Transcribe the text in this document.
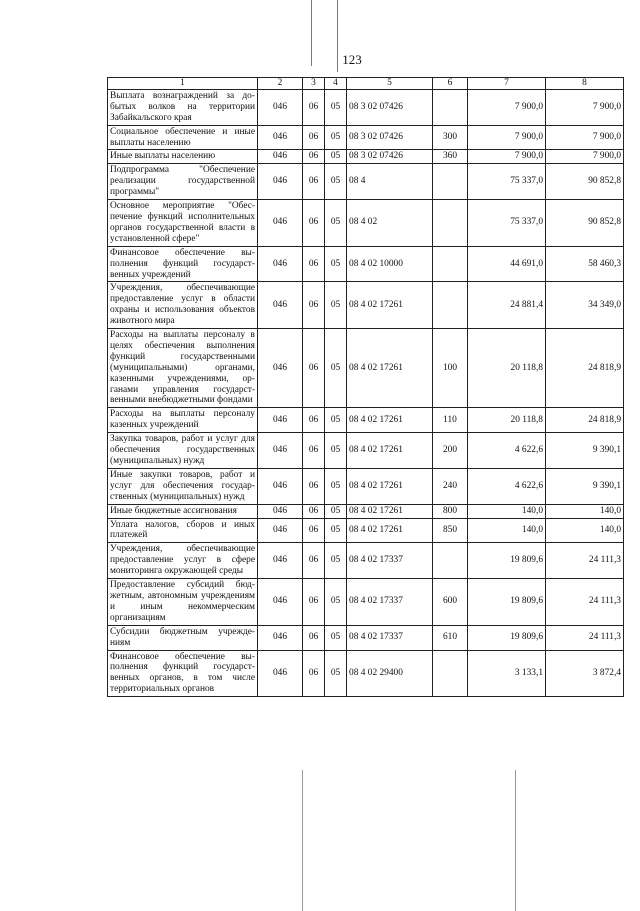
123
1	2	3	4	5	6	7	8
Выплата вознаграждений за добытых волков на территории Забайкальского края	046	06	05	08 3 02 07426		7 900,0	7 900,0
Социальное обеспечение и иные выплаты населению	046	06	05	08 3 02 07426	300	7 900,0	7 900,0
Иные выплаты населению	046	06	05	08 3 02 07426	360	7 900,0	7 900,0
Подпрограмма "Обеспечение реализации государственной программы"	046	06	05	08 4		75 337,0	90 852,8
Основное мероприятие "Обеспечение функций исполнительных органов государственной власти в установленной сфере"	046	06	05	08 4 02		75 337,0	90 852,8
Финансовое обеспечение выполнения функций государственных учреждений	046	06	05	08 4 02 10000		44 691,0	58 460,3
Учреждения, обеспечивающие предоставление услуг в области охраны и использования объектов животного мира	046	06	05	08 4 02 17261		24 881,4	34 349,0
Расходы на выплаты персоналу в целях обеспечения выполнения функций государственными (муниципальными) органами, казенными учреждениями, органами управления государственными внебюджетными фондами	046	06	05	08 4 02 17261	100	20 118,8	24 818,9
Расходы на выплаты персоналу казенных учреждений	046	06	05	08 4 02 17261	110	20 118,8	24 818,9
Закупка товаров, работ и услуг для обеспечения государственных (муниципальных) нужд	046	06	05	08 4 02 17261	200	4 622,6	9 390,1
Иные закупки товаров, работ и услуг для обеспечения государственных (муниципальных) нужд	046	06	05	08 4 02 17261	240	4 622,6	9 390,1
Иные бюджетные ассигнования	046	06	05	08 4 02 17261	800	140,0	140,0
Уплата налогов, сборов и иных платежей	046	06	05	08 4 02 17261	850	140,0	140,0
Учреждения, обеспечивающие предоставление услуг в сфере мониторинга окружающей среды	046	06	05	08 4 02 17337		19 809,6	24 111,3
Предоставление субсидий бюджетным, автономным учреждениям и иным некоммерческим организациям	046	06	05	08 4 02 17337	600	19 809,6	24 111,3
Субсидии бюджетным учреждениям	046	06	05	08 4 02 17337	610	19 809,6	24 111,3
Финансовое обеспечение выполнения функций государственных органов, в том числе территориальных органов	046	06	05	08 4 02 29400		3 133,1	3 872,4
